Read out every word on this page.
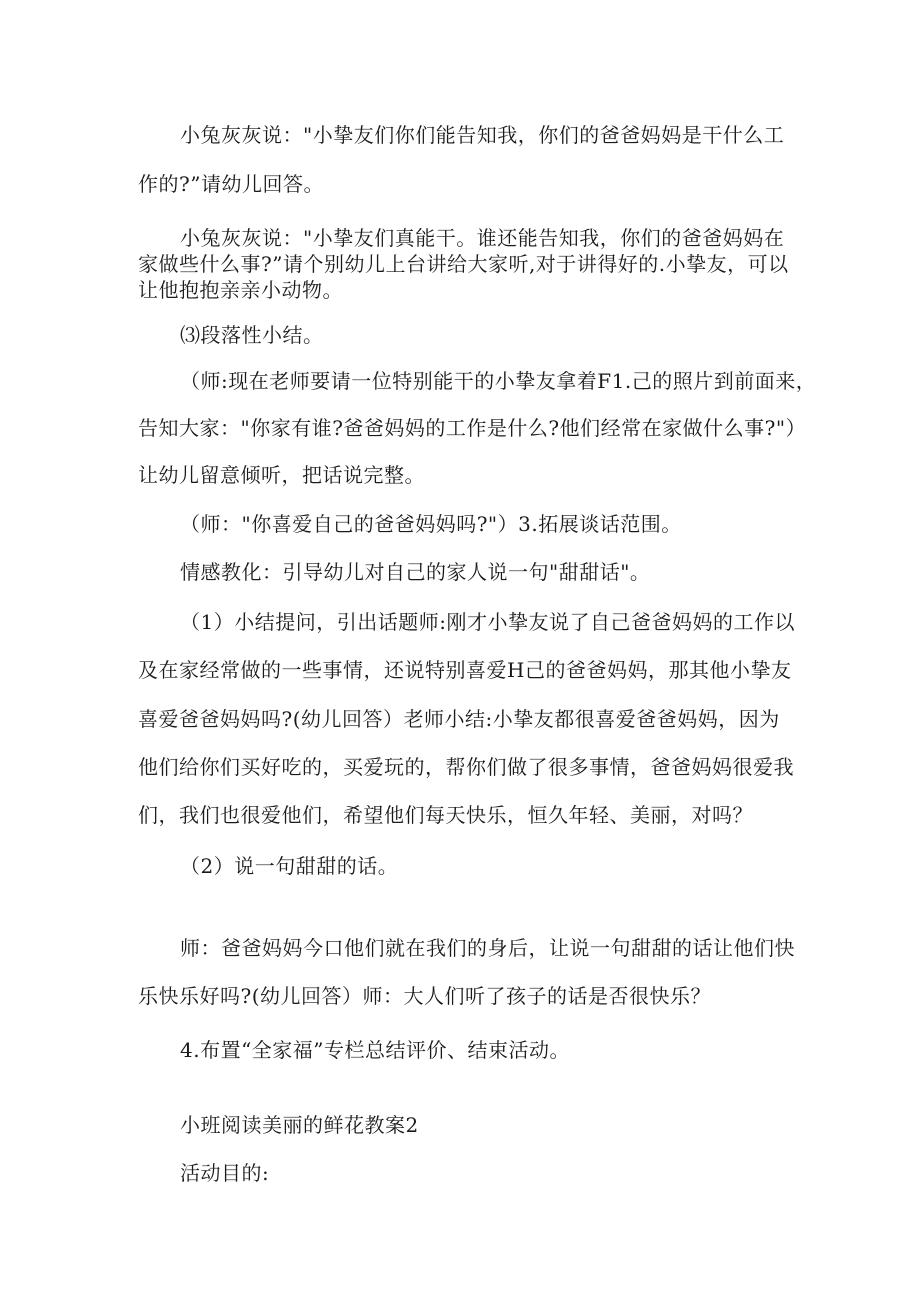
小兔灰灰说："小挚友们你们能告知我，你们的爸爸妈妈是干什么工
作的?”请幼儿回答。
小兔灰灰说："小挚友们真能干。谁还能告知我，你们的爸爸妈妈在
家做些什么事?”请个别幼儿上台讲给大家听,对于讲得好的.小挚友，可以
让他抱抱亲亲小动物。
⑶段落性小结。
（师:现在老师要请一位特别能干的小挚友拿着F1.己的照片到前面来，
告知大家："你家有谁?爸爸妈妈的工作是什么?他们经常在家做什么事?"）
让幼儿留意倾听，把话说完整。
（师："你喜爱自己的爸爸妈妈吗?"）3.拓展谈话范围。
情感教化：引导幼儿对自己的家人说一句"甜甜话"。
（1）小结提问，引出话题师:刚才小挚友说了自己爸爸妈妈的工作以
及在家经常做的一些事情，还说特别喜爱H己的爸爸妈妈，那其他小挚友
喜爱爸爸妈妈吗?(幼儿回答）老师小结:小挚友都很喜爱爸爸妈妈，因为
他们给你们买好吃的，买爱玩的，帮你们做了很多事情，爸爸妈妈很爱我
们，我们也很爱他们，希望他们每天快乐，恒久年轻、美丽，对吗？
（2）说一句甜甜的话。
师：爸爸妈妈今口他们就在我们的身后，让说一句甜甜的话让他们快
乐快乐好吗?(幼儿回答）师：大人们听了孩子的话是否很快乐？
4.布置“全家福”专栏总结评价、结束活动。
小班阅读美丽的鲜花教案2
活动目的:
